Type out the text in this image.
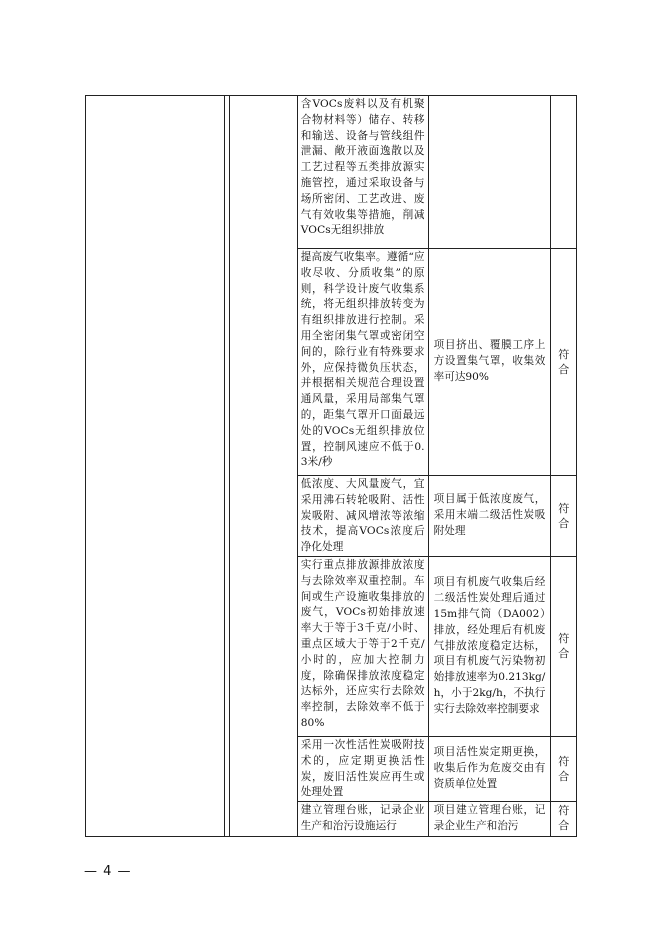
			含VOCs废料以及有机聚合物材料等）储存、转移和输送、设备与管线组件泄漏、敞开液面逸散以及工艺过程等五类排放源实施管控，通过采取设备与场所密闭、工艺改进、废气有效收集等措施，削减VOCs无组织排放		

			提高废气收集率。遵循“应收尽收、分质收集”的原则，科学设计废气收集系统，将无组织排放转变为有组织排放进行控制。采用全密闭集气罩或密闭空间的，除行业有特殊要求外，应保持微负压状态，并根据相关规范合理设置通风量，采用局部集气罩的，距集气罩开口面最远处的VOCs无组织排放位置，控制风速应不低于0.3米/秒	项目挤出、覆膜工序上方设置集气罩，收集效率可达90%	符合

			低浓度、大风量废气，宜采用沸石转轮吸附、活性炭吸附、减风增浓等浓缩技术，提高VOCs浓度后净化处理	项目属于低浓度废气，采用末端二级活性炭吸附处理	符合

			实行重点排放源排放浓度与去除效率双重控制。车间或生产设施收集排放的废气，VOCs初始排放速率大于等于3千克/小时、重点区域大于等于2千克/小时的，应加大控制力度，除确保排放浓度稳定达标外，还应实行去除效率控制，去除效率不低于80%	项目有机废气收集后经二级活性炭处理后通过15m排气筒（DA002）排放，经处理后有机废气排放浓度稳定达标，项目有机废气污染物初始排放速率为0.213kg/h，小于2kg/h，不执行实行去除效率控制要求	符合

			采用一次性活性炭吸附技术的，应定期更换活性炭，废旧活性炭应再生或处理处置	项目活性炭定期更换，收集后作为危废交由有资质单位处置	符合

			建立管理台账，记录企业生产和治污设施运行	项目建立管理台账，记录企业生产和治污	符合
— 4 —
